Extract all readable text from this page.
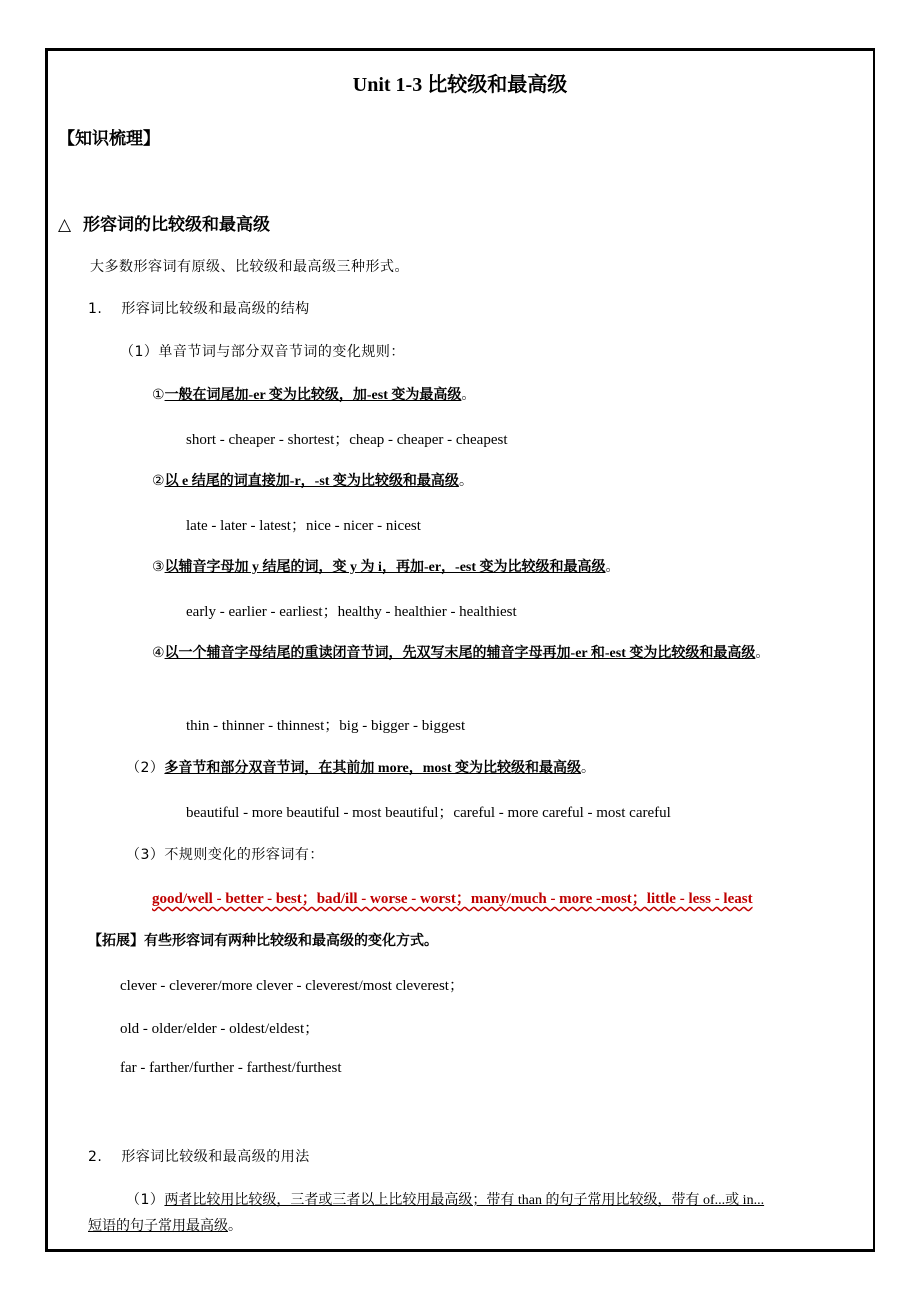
Unit 1-3 比较级和最高级
【知识梳理】
△ 形容词的比较级和最高级
大多数形容词有原级、比较级和最高级三种形式。
1. 形容词比较级和最高级的结构
（1）单音节词与部分双音节词的变化规则：
①一般在词尾加-er 变为比较级，加-est 变为最高级。
short - cheaper - shortest；cheap - cheaper - cheapest
②以 e 结尾的词直接加-r，-st 变为比较级和最高级。
late - later - latest；nice - nicer - nicest
③以辅音字母加 y 结尾的词，变 y 为 i，再加-er，-est 变为比较级和最高级。
early - earlier - earliest；healthy - healthier - healthiest
④以一个辅音字母结尾的重读闭音节词，先双写末尾的辅音字母再加-er 和-est 变为比较级和最高级。
thin - thinner - thinnest；big - bigger - biggest
（2）多音节和部分双音节词，在其前加 more，most 变为比较级和最高级。
beautiful - more beautiful - most beautiful；careful - more careful - most careful
（3）不规则变化的形容词有：
good/well - better - best；bad/ill - worse - worst；many/much - more -most；little - less - least
【拓展】有些形容词有两种比较级和最高级的变化方式。
clever - cleverer/more clever - cleverest/most cleverest；
old - older/elder - oldest/eldest；
far - farther/further - farthest/furthest
2. 形容词比较级和最高级的用法
（1）两者比较用比较级，三者或三者以上比较用最高级；带有 than 的句子常用比较级，带有 of...或 in...
短语的句子常用最高级。
